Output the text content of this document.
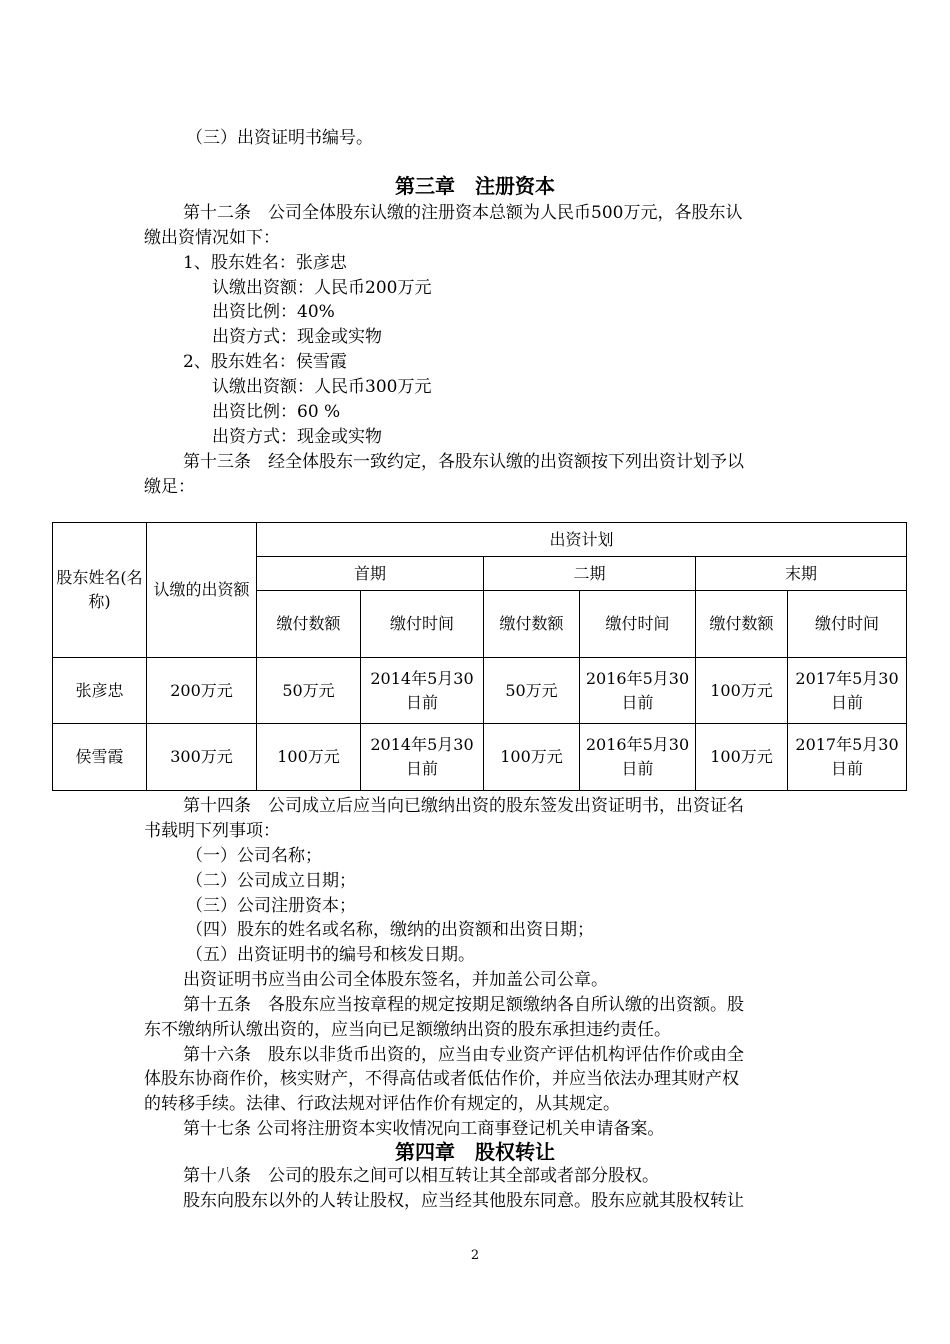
（三）出资证明书编号。
第三章　注册资本
第十二条　公司全体股东认缴的注册资本总额为人民币500万元，各股东认
缴出资情况如下：
1、股东姓名：张彦忠
认缴出资额：人民币200万元
出资比例：40%
出资方式：现金或实物
2、股东姓名：侯雪霞
认缴出资额：人民币300万元
出资比例：60 %
出资方式：现金或实物
第十三条　经全体股东一致约定，各股东认缴的出资额按下列出资计划予以
缴足：
股东姓名(名称)	认缴的出资额	出资计划					
		首期		二期		末期	
		缴付数额	缴付时间	缴付数额	缴付时间	缴付数额	缴付时间
张彦忠	200万元	50万元	2014年5月30日前	50万元	2016年5月30日前	100万元	2017年5月30日前
侯雪霞	300万元	100万元	2014年5月30日前	100万元	2016年5月30日前	100万元	2017年5月30日前
第十四条　公司成立后应当向已缴纳出资的股东签发出资证明书，出资证名
书载明下列事项：
（一）公司名称；
（二）公司成立日期；
（三）公司注册资本；
（四）股东的姓名或名称，缴纳的出资额和出资日期；
（五）出资证明书的编号和核发日期。
出资证明书应当由公司全体股东签名，并加盖公司公章。
第十五条　各股东应当按章程的规定按期足额缴纳各自所认缴的出资额。股
东不缴纳所认缴出资的，应当向已足额缴纳出资的股东承担违约责任。
第十六条　股东以非货币出资的，应当由专业资产评估机构评估作价或由全
体股东协商作价，核实财产，不得高估或者低估作价，并应当依法办理其财产权
的转移手续。法律、行政法规对评估作价有规定的，从其规定。
第十七条 公司将注册资本实收情况向工商事登记机关申请备案。
第四章　股权转让
第十八条　公司的股东之间可以相互转让其全部或者部分股权。
股东向股东以外的人转让股权，应当经其他股东同意。股东应就其股权转让
2
